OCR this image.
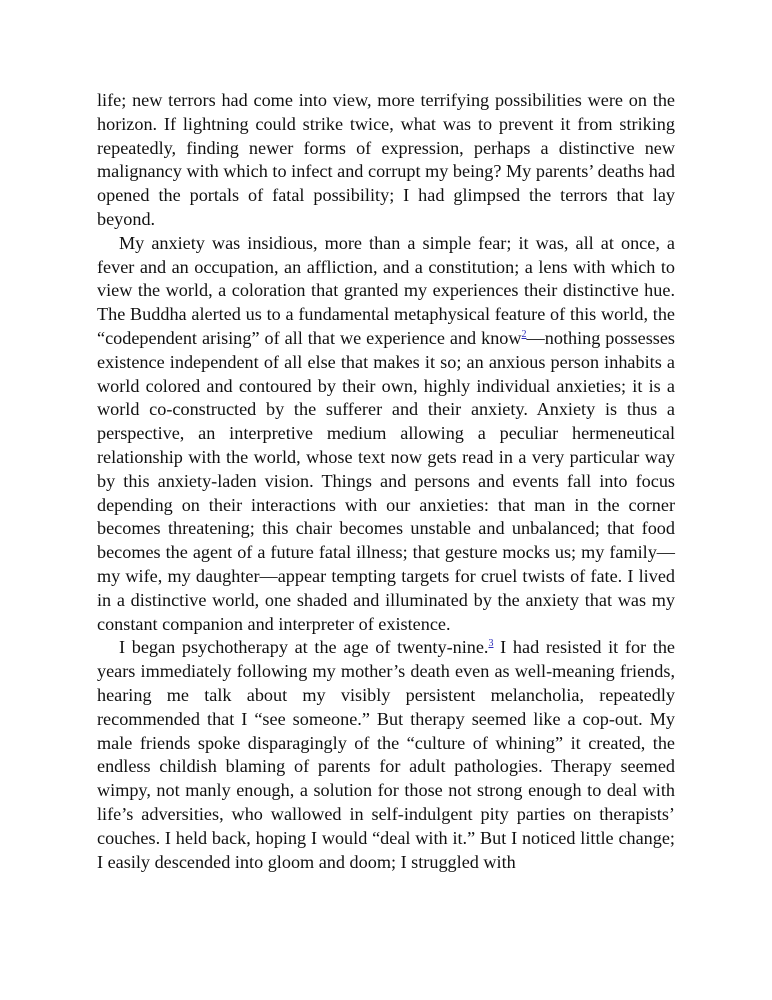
life; new terrors had come into view, more terrifying possibilities were on the horizon. If lightning could strike twice, what was to prevent it from striking repeatedly, finding newer forms of expression, perhaps a distinctive new malignancy with which to infect and corrupt my being? My parents’ deaths had opened the portals of fatal possibility; I had glimpsed the terrors that lay beyond.

My anxiety was insidious, more than a simple fear; it was, all at once, a fever and an occupation, an affliction, and a constitution; a lens with which to view the world, a coloration that granted my experiences their distinctive hue. The Buddha alerted us to a fundamental metaphysical feature of this world, the “codependent arising” of all that we experience and know$^2$—nothing possesses existence independent of all else that makes it so; an anxious person inhabits a world colored and contoured by their own, highly individual anxieties; it is a world co-constructed by the sufferer and their anxiety. Anxiety is thus a perspective, an interpretive medium allowing a peculiar hermeneutical relationship with the world, whose text now gets read in a very particular way by this anxiety-laden vision. Things and persons and events fall into focus depending on their interactions with our anxieties: that man in the corner becomes threatening; this chair becomes unstable and unbalanced; that food becomes the agent of a future fatal illness; that gesture mocks us; my family—my wife, my daughter—appear tempting targets for cruel twists of fate. I lived in a distinctive world, one shaded and illuminated by the anxiety that was my constant companion and interpreter of existence.

I began psychotherapy at the age of twenty-nine.$^3$ I had resisted it for the years immediately following my mother’s death even as well-meaning friends, hearing me talk about my visibly persistent melancholia, repeatedly recommended that I “see someone.” But therapy seemed like a cop-out. My male friends spoke disparagingly of the “culture of whining” it created, the endless childish blaming of parents for adult pathologies. Therapy seemed wimpy, not manly enough, a solution for those not strong enough to deal with life’s adversities, who wallowed in self-indulgent pity parties on therapists’ couches. I held back, hoping I would “deal with it.” But I noticed little change; I easily descended into gloom and doom; I struggled with
